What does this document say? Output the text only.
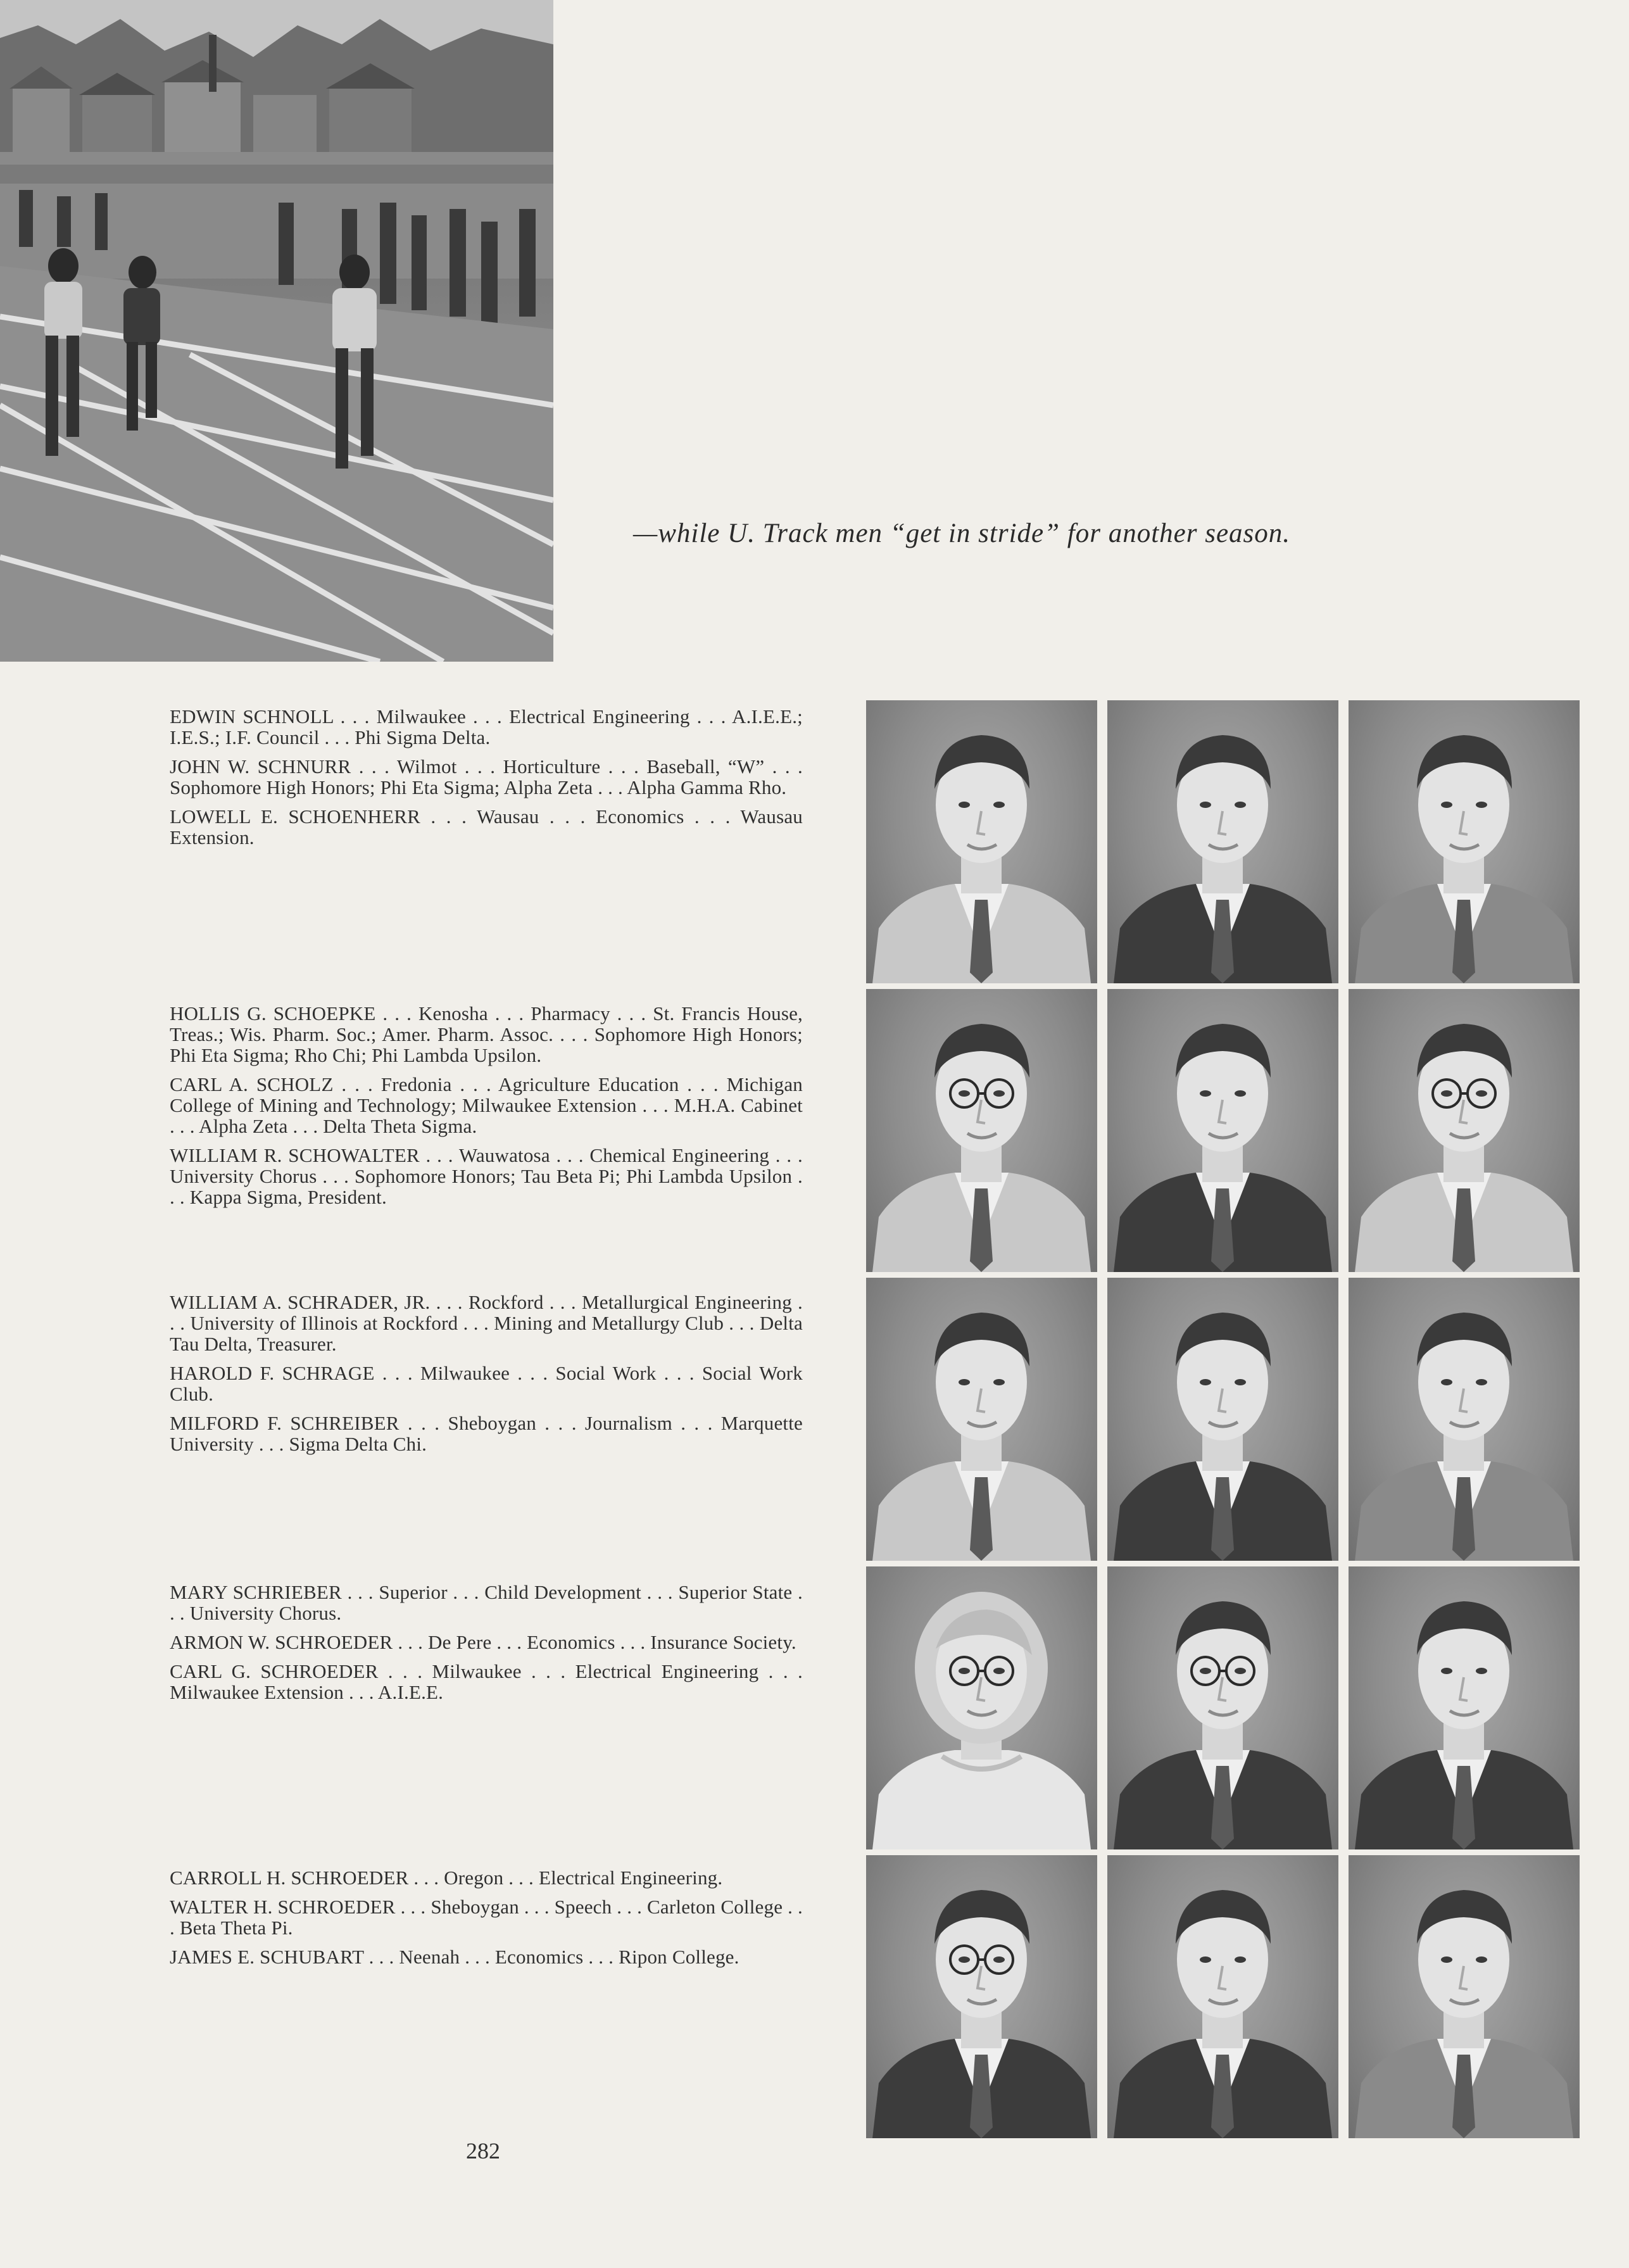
—while U. Track men “get in stride” for another season.

EDWIN SCHNOLL . . . Milwaukee . . . Electrical Engineering . . . A.I.E.E.; I.E.S.; I.F. Council . . . Phi Sigma Delta.

JOHN W. SCHNURR . . . Wilmot . . . Horticulture . . . Baseball, “W” . . . Sophomore High Honors; Phi Eta Sigma; Alpha Zeta . . . Alpha Gamma Rho.

LOWELL E. SCHOENHERR . . . Wausau . . . Economics . . . Wausau Extension.

HOLLIS G. SCHOEPKE . . . Kenosha . . . Pharmacy . . . St. Francis House, Treas.; Wis. Pharm. Soc.; Amer. Pharm. Assoc. . . . Sophomore High Honors; Phi Eta Sigma; Rho Chi; Phi Lambda Upsilon.

CARL A. SCHOLZ . . . Fredonia . . . Agriculture Education . . . Michigan College of Mining and Technology; Milwaukee Extension . . . M.H.A. Cabinet . . . Alpha Zeta . . . Delta Theta Sigma.

WILLIAM R. SCHOWALTER . . . Wauwatosa . . . Chemical Engineering . . . University Chorus . . . Sophomore Honors; Tau Beta Pi; Phi Lambda Upsilon . . . Kappa Sigma, President.

WILLIAM A. SCHRADER, JR. . . . Rockford . . . Metallurgical Engineering . . . University of Illinois at Rockford . . . Mining and Metallurgy Club . . . Delta Tau Delta, Treasurer.

HAROLD F. SCHRAGE . . . Milwaukee . . . Social Work . . . Social Work Club.

MILFORD F. SCHREIBER . . . Sheboygan . . . Journalism . . . Marquette University . . . Sigma Delta Chi.

MARY SCHRIEBER . . . Superior . . . Child Development . . . Superior State . . . University Chorus.

ARMON W. SCHROEDER . . . De Pere . . . Economics . . . Insurance Society.

CARL G. SCHROEDER . . . Milwaukee . . . Electrical Engineering . . . Milwaukee Extension . . . A.I.E.E.

CARROLL H. SCHROEDER . . . Oregon . . . Electrical Engineering.

WALTER H. SCHROEDER . . . Sheboygan . . . Speech . . . Carleton College . . . Beta Theta Pi.

JAMES E. SCHUBART . . . Neenah . . . Economics . . . Ripon College.

282
